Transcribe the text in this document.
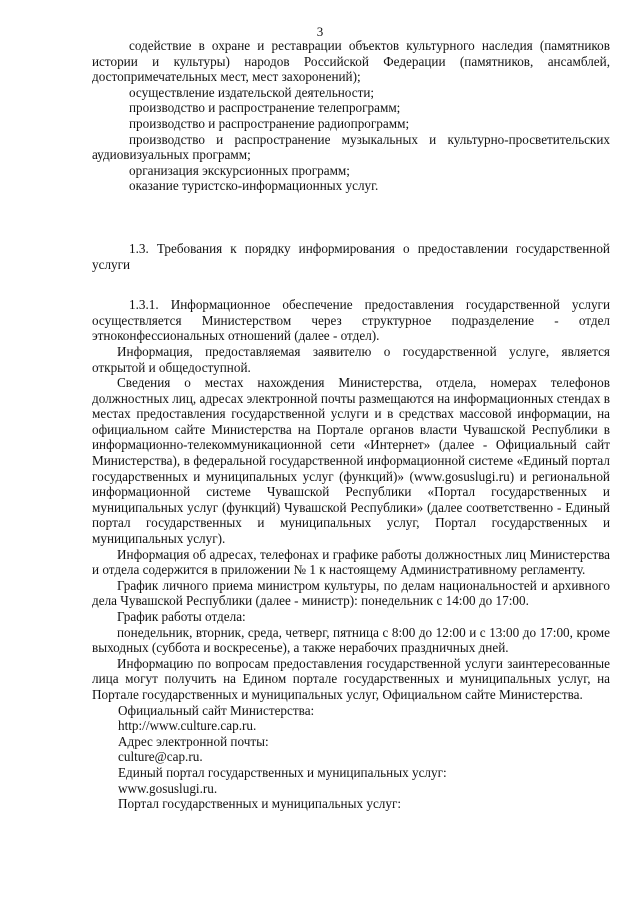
3

содействие в охране и реставрации объектов культурного наследия (памятников истории и культуры) народов Российской Федерации (памятников, ансамблей, достопримечательных мест, мест захоронений);

осуществление издательской деятельности;

производство и распространение телепрограмм;

производство и распространение радиопрограмм;

производство и распространение музыкальных и культурно-просветительских аудиовизуальных программ;

организация экскурсионных программ;

оказание туристско-информационных услуг.

1.3. Требования к порядку информирования о предоставлении государственной услуги

1.3.1. Информационное обеспечение предоставления государственной услуги осуществляется Министерством через структурное подразделение - отдел этноконфессиональных отношений (далее - отдел).

Информация, предоставляемая заявителю о государственной услуге, является открытой и общедоступной.

Сведения о местах нахождения Министерства, отдела, номерах телефонов должностных лиц, адресах электронной почты размещаются на информационных стендах в местах предоставления государственной услуги и в средствах массовой информации, на официальном сайте Министерства на Портале органов власти Чувашской Республики в информационно-телекоммуникационной сети «Интернет» (далее - Официальный сайт Министерства), в федеральной государственной информационной системе «Единый портал государственных и муниципальных услуг (функций)» (www.gosuslugi.ru) и региональной информационной системе Чувашской Республики «Портал государственных и муниципальных услуг (функций) Чувашской Республики» (далее соответственно - Единый портал государственных и муниципальных услуг, Портал государственных и муниципальных услуг).

Информация об адресах, телефонах и графике работы должностных лиц Министерства и отдела содержится в приложении № 1 к настоящему Административному регламенту.

График личного приема министром культуры, по делам национальностей и архивного дела Чувашской Республики (далее - министр): понедельник с 14:00 до 17:00.

График работы отдела:

понедельник, вторник, среда, четверг, пятница с 8:00 до 12:00 и с 13:00 до 17:00, кроме выходных (суббота и воскресенье), а также нерабочих праздничных дней.

Информацию по вопросам предоставления государственной услуги заинтересованные лица могут получить на Едином портале государственных и муниципальных услуг, на Портале государственных и муниципальных услуг, Официальном сайте Министерства.

Официальный сайт Министерства:

http://www.culture.cap.ru.

Адрес электронной почты:

culture@cap.ru.

Единый портал государственных и муниципальных услуг:

www.gosuslugi.ru.

Портал государственных и муниципальных услуг:
